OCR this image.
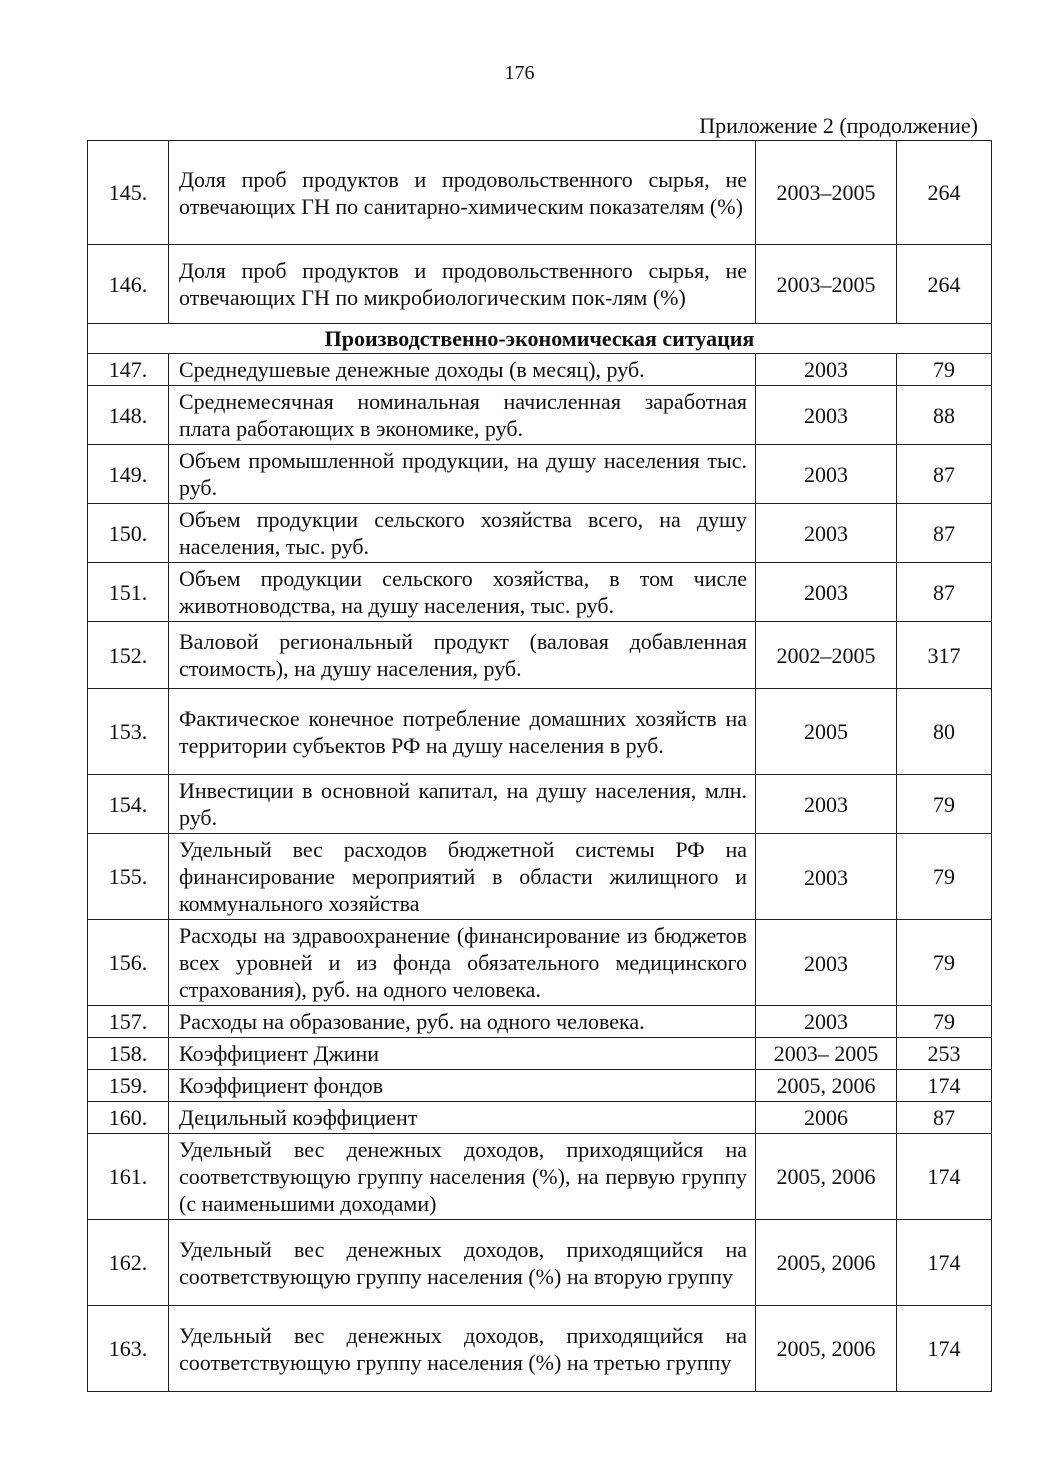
176
Приложение 2 (продолжение)
145.	Доля проб продуктов и продовольственного сырья, не отвечающих ГН по санитарно-химическим показателям (%)	2003–2005	264
146.	Доля проб продуктов и продовольственного сырья, не отвечающих ГН по микробиологическим пок-лям (%)	2003–2005	264
Производственно-экономическая ситуация			
147.	Среднедушевые денежные доходы (в месяц), руб.	2003	79
148.	Среднемесячная номинальная начисленная заработная плата работающих в экономике, руб.	2003	88
149.	Объем промышленной продукции, на душу населения тыс. руб.	2003	87
150.	Объем продукции сельского хозяйства всего, на душу населения, тыс. руб.	2003	87
151.	Объем продукции сельского хозяйства, в том числе животноводства, на душу населения, тыс. руб.	2003	87
152.	Валовой региональный продукт (валовая добавленная стоимость), на душу населения, руб.	2002–2005	317
153.	Фактическое конечное потребление домашних хозяйств на территории субъектов РФ на душу населения в руб.	2005	80
154.	Инвестиции в основной капитал, на душу населения, млн. руб.	2003	79
155.	Удельный вес расходов бюджетной системы РФ на финансирование мероприятий в области жилищного и коммунального хозяйства	2003	79
156.	Расходы на здравоохранение (финансирование из бюджетов всех уровней и из фонда обязательного медицинского страхования), руб. на одного человека.	2003	79
157.	Расходы на образование, руб. на одного человека.	2003	79
158.	Коэффициент Джини	2003– 2005	253
159.	Коэффициент фондов	2005, 2006	174
160.	Децильный коэффициент	2006	87
161.	Удельный вес денежных доходов, приходящийся на соответствующую группу населения (%), на первую группу (с наименьшими доходами)	2005, 2006	174
162.	Удельный вес денежных доходов, приходящийся на соответствующую группу населения (%) на вторую группу	2005, 2006	174
163.	Удельный вес денежных доходов, приходящийся на соответствующую группу населения (%) на третью группу	2005, 2006	174
